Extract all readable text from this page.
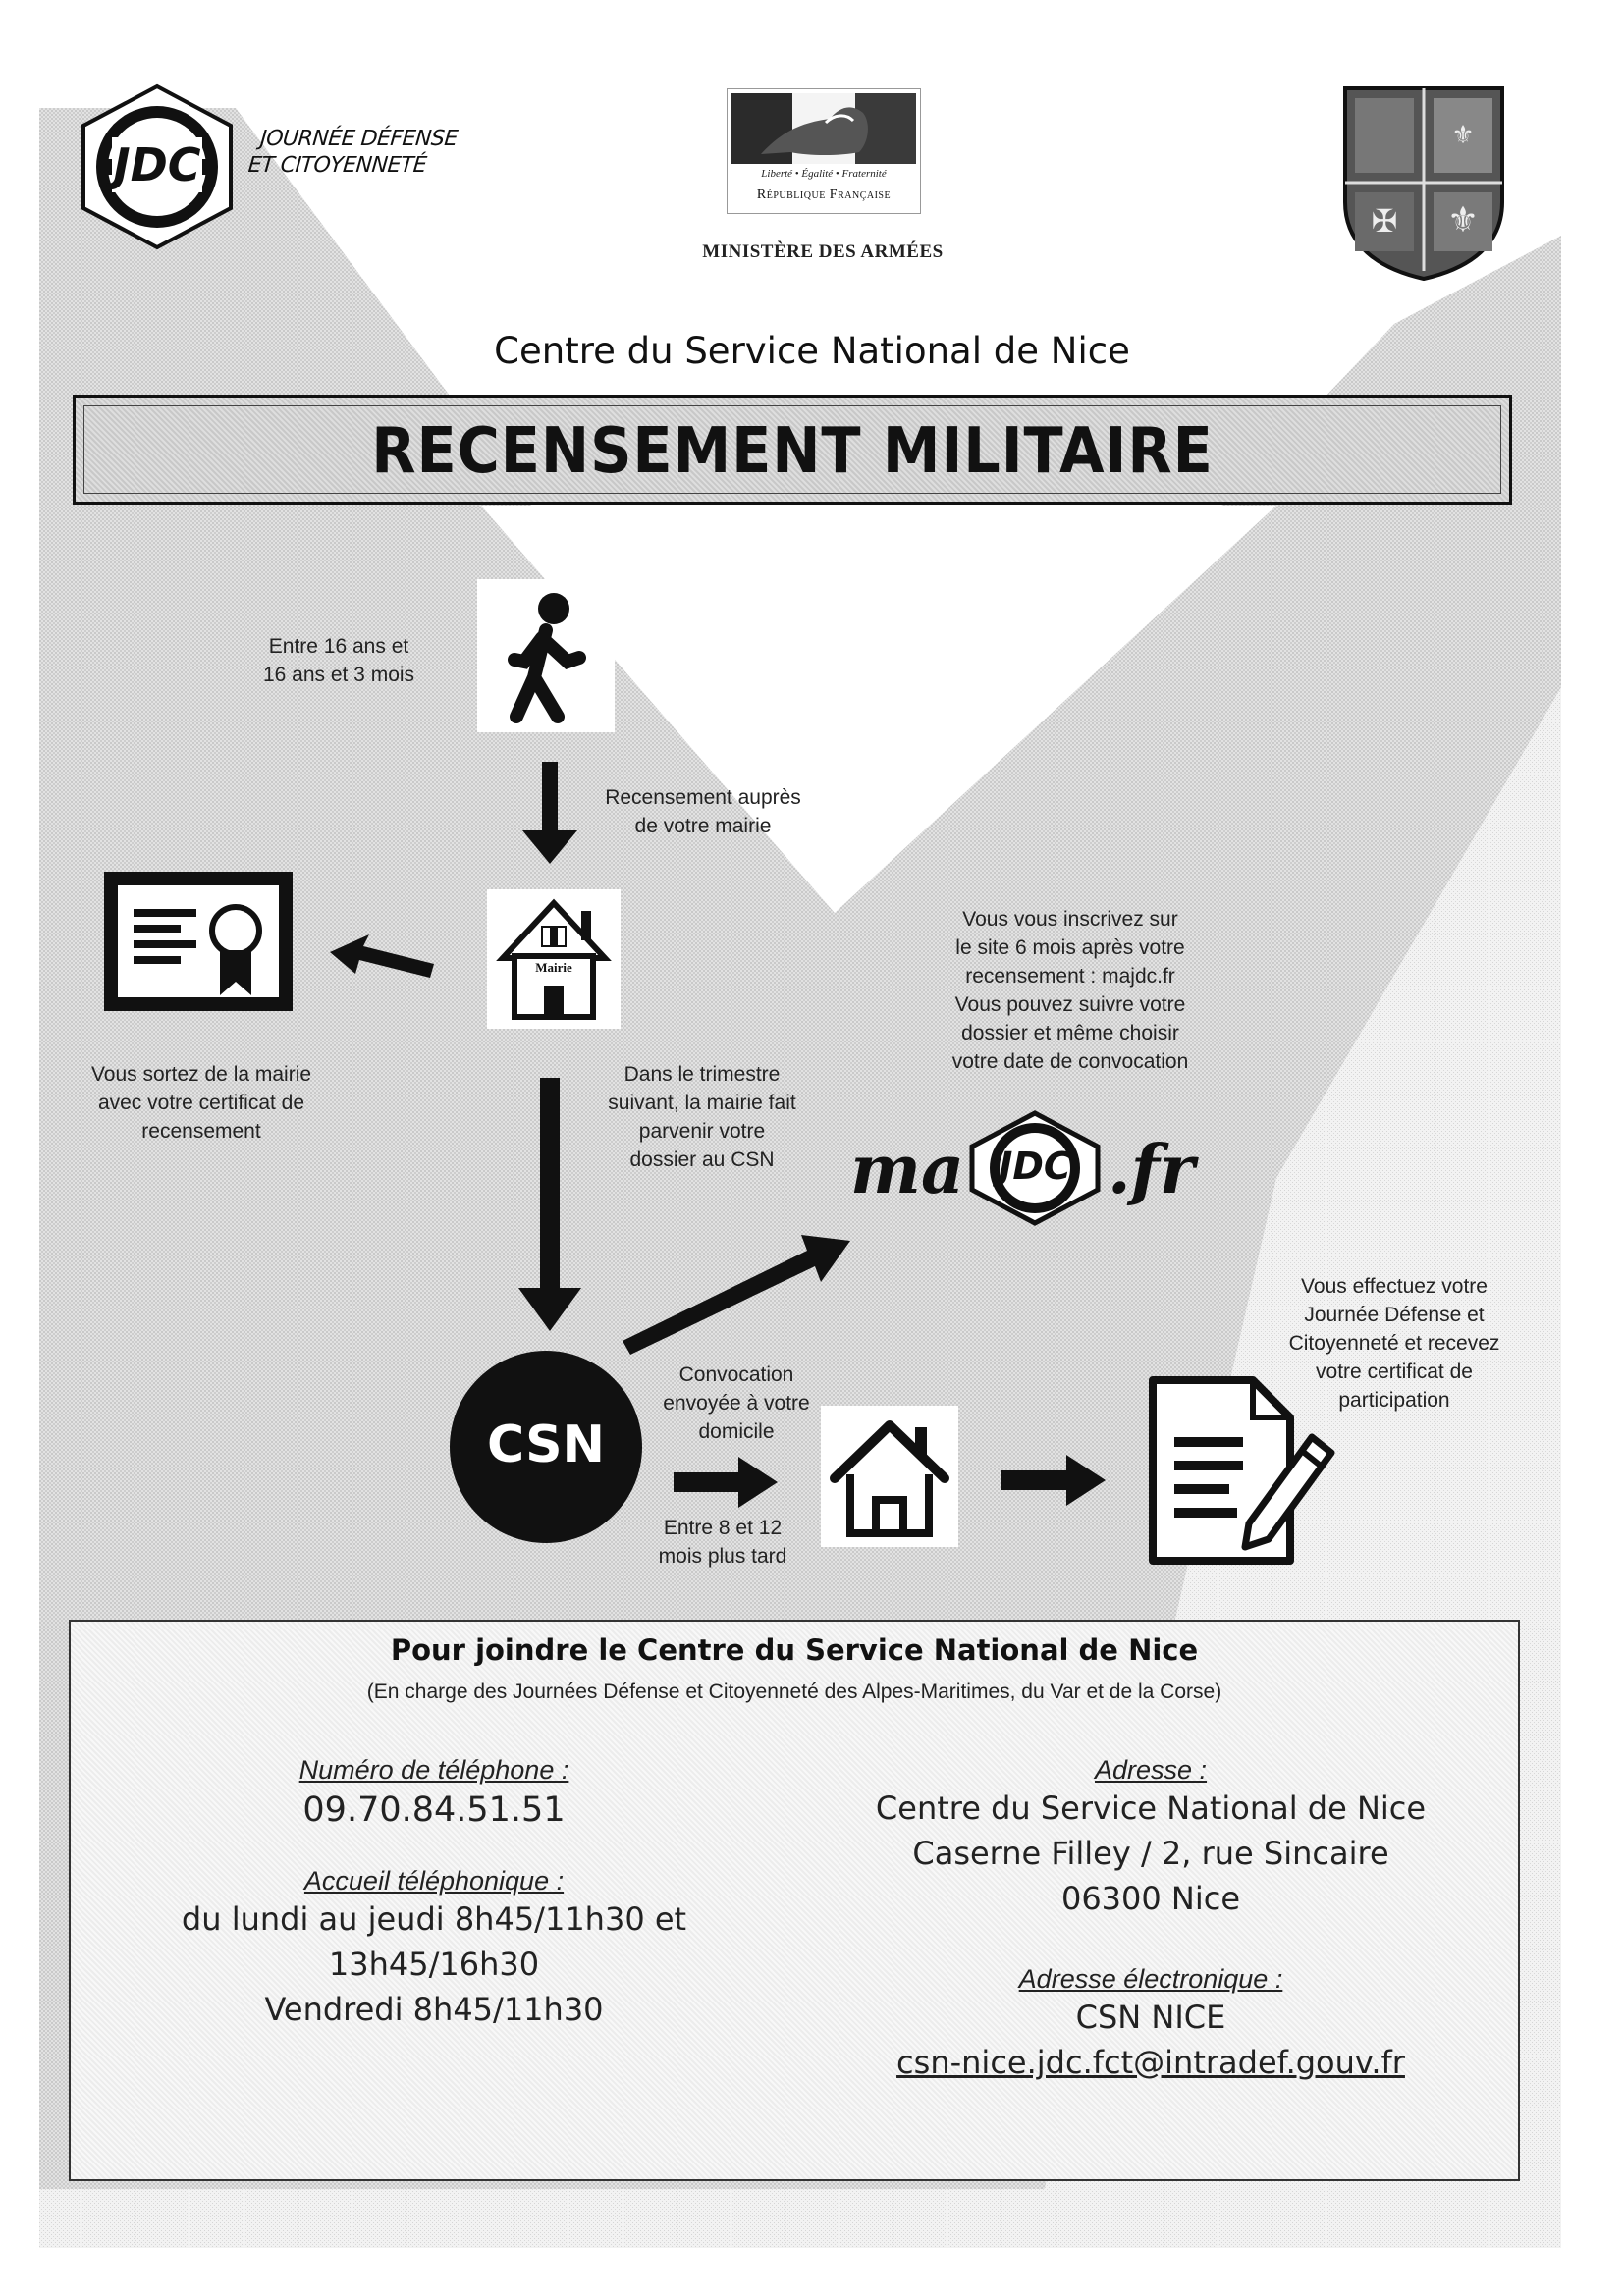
JDC	JOURNÉE DÉFENSE
ET CITOYENNETÉ	Liberté • Égalité • Fraternité
République Française
MINISTÈRE DES ARMÉES
⚜
✠
⚜
Centre du Service National de Nice
RECENSEMENT MILITAIRE
Entre 16 ans et
16 ans et 3 mois
Recensement auprès
de votre mairie
Mairie
Vous sortez de la mairie
avec votre certificat de
recensement
Dans le trimestre
suivant, la mairie fait
parvenir votre
dossier au CSN
Vous vous inscrivez sur
le site 6 mois après votre
recensement : majdc.fr
Vous pouvez suivre votre
dossier et même choisir
votre date de convocation
ma JDC .fr
CSN
Convocation
envoyée à votre
domicile
Entre 8 et 12
mois plus tard
Vous effectuez votre
Journée Défense et
Citoyenneté et recevez
votre certificat de
participation
Pour joindre le Centre du Service National de Nice
(En charge des Journées Défense et Citoyenneté des Alpes-Maritimes, du Var et de la Corse)
Numéro de téléphone :
09.70.84.51.51
Accueil téléphonique :
du lundi au jeudi 8h45/11h30 et 13h45/16h30
Vendredi 8h45/11h30
Adresse :
Centre du Service National de Nice
Caserne Filley / 2, rue Sincaire
06300 Nice
Adresse électronique :
CSN NICE
csn-nice.jdc.fct@intradef.gouv.fr
